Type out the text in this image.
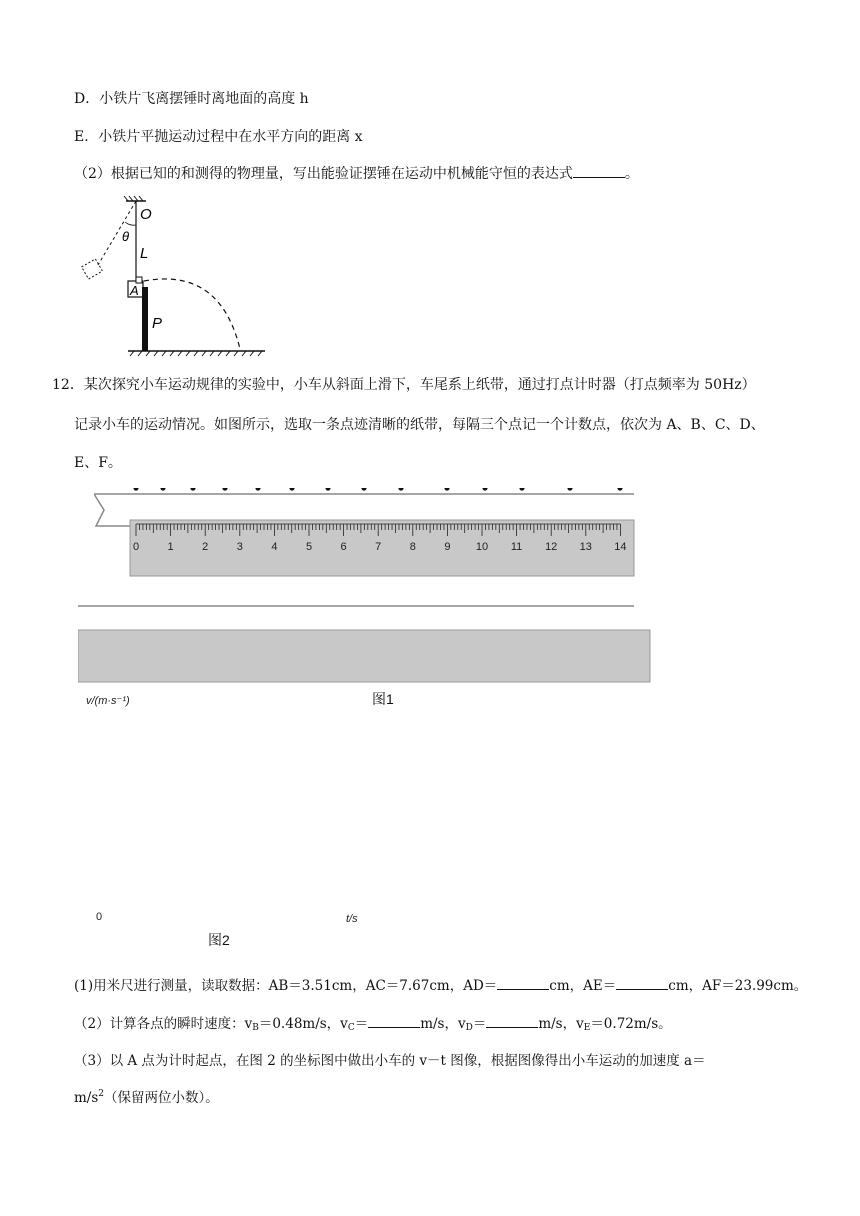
D．小铁片飞离摆锤时离地面的高度 h
E．小铁片平抛运动过程中在水平方向的距离 x
（2）根据已知的和测得的物理量，写出能验证摆锤在运动中机械能守恒的表达式	。
O
θ
L
A
P
12．某次探究小车运动规律的实验中，小车从斜面上滑下，车尾系上纸带，通过打点计时器（打点频率为 50Hz）
记录小车的运动情况。如图所示，选取一条点迹清晰的纸带，每隔三个点记一个计数点，依次为 A、B、C、D、
E、F。
0	1	2	3	4	5	6	7	8	9 10 11 12 13 14
图1
v/(m·s⁻¹)
0	t/s
图2
(1)用米尺进行测量，读取数据：AB＝3.51cm，AC＝7.67cm，AD＝	cm，AE＝	cm，AF＝23.99cm。
（2）计算各点的瞬时速度：$v_B=0.48m/s$，$v_C=$	m/s，$v_D=$	m/s，$v_E=0.72m/s$。
（3）以 A 点为计时起点，在图 2 的坐标图中做出小车的 v－t 图像，根据图像得出小车运动的加速度 a＝
$m/s^2$（保留两位小数）。
